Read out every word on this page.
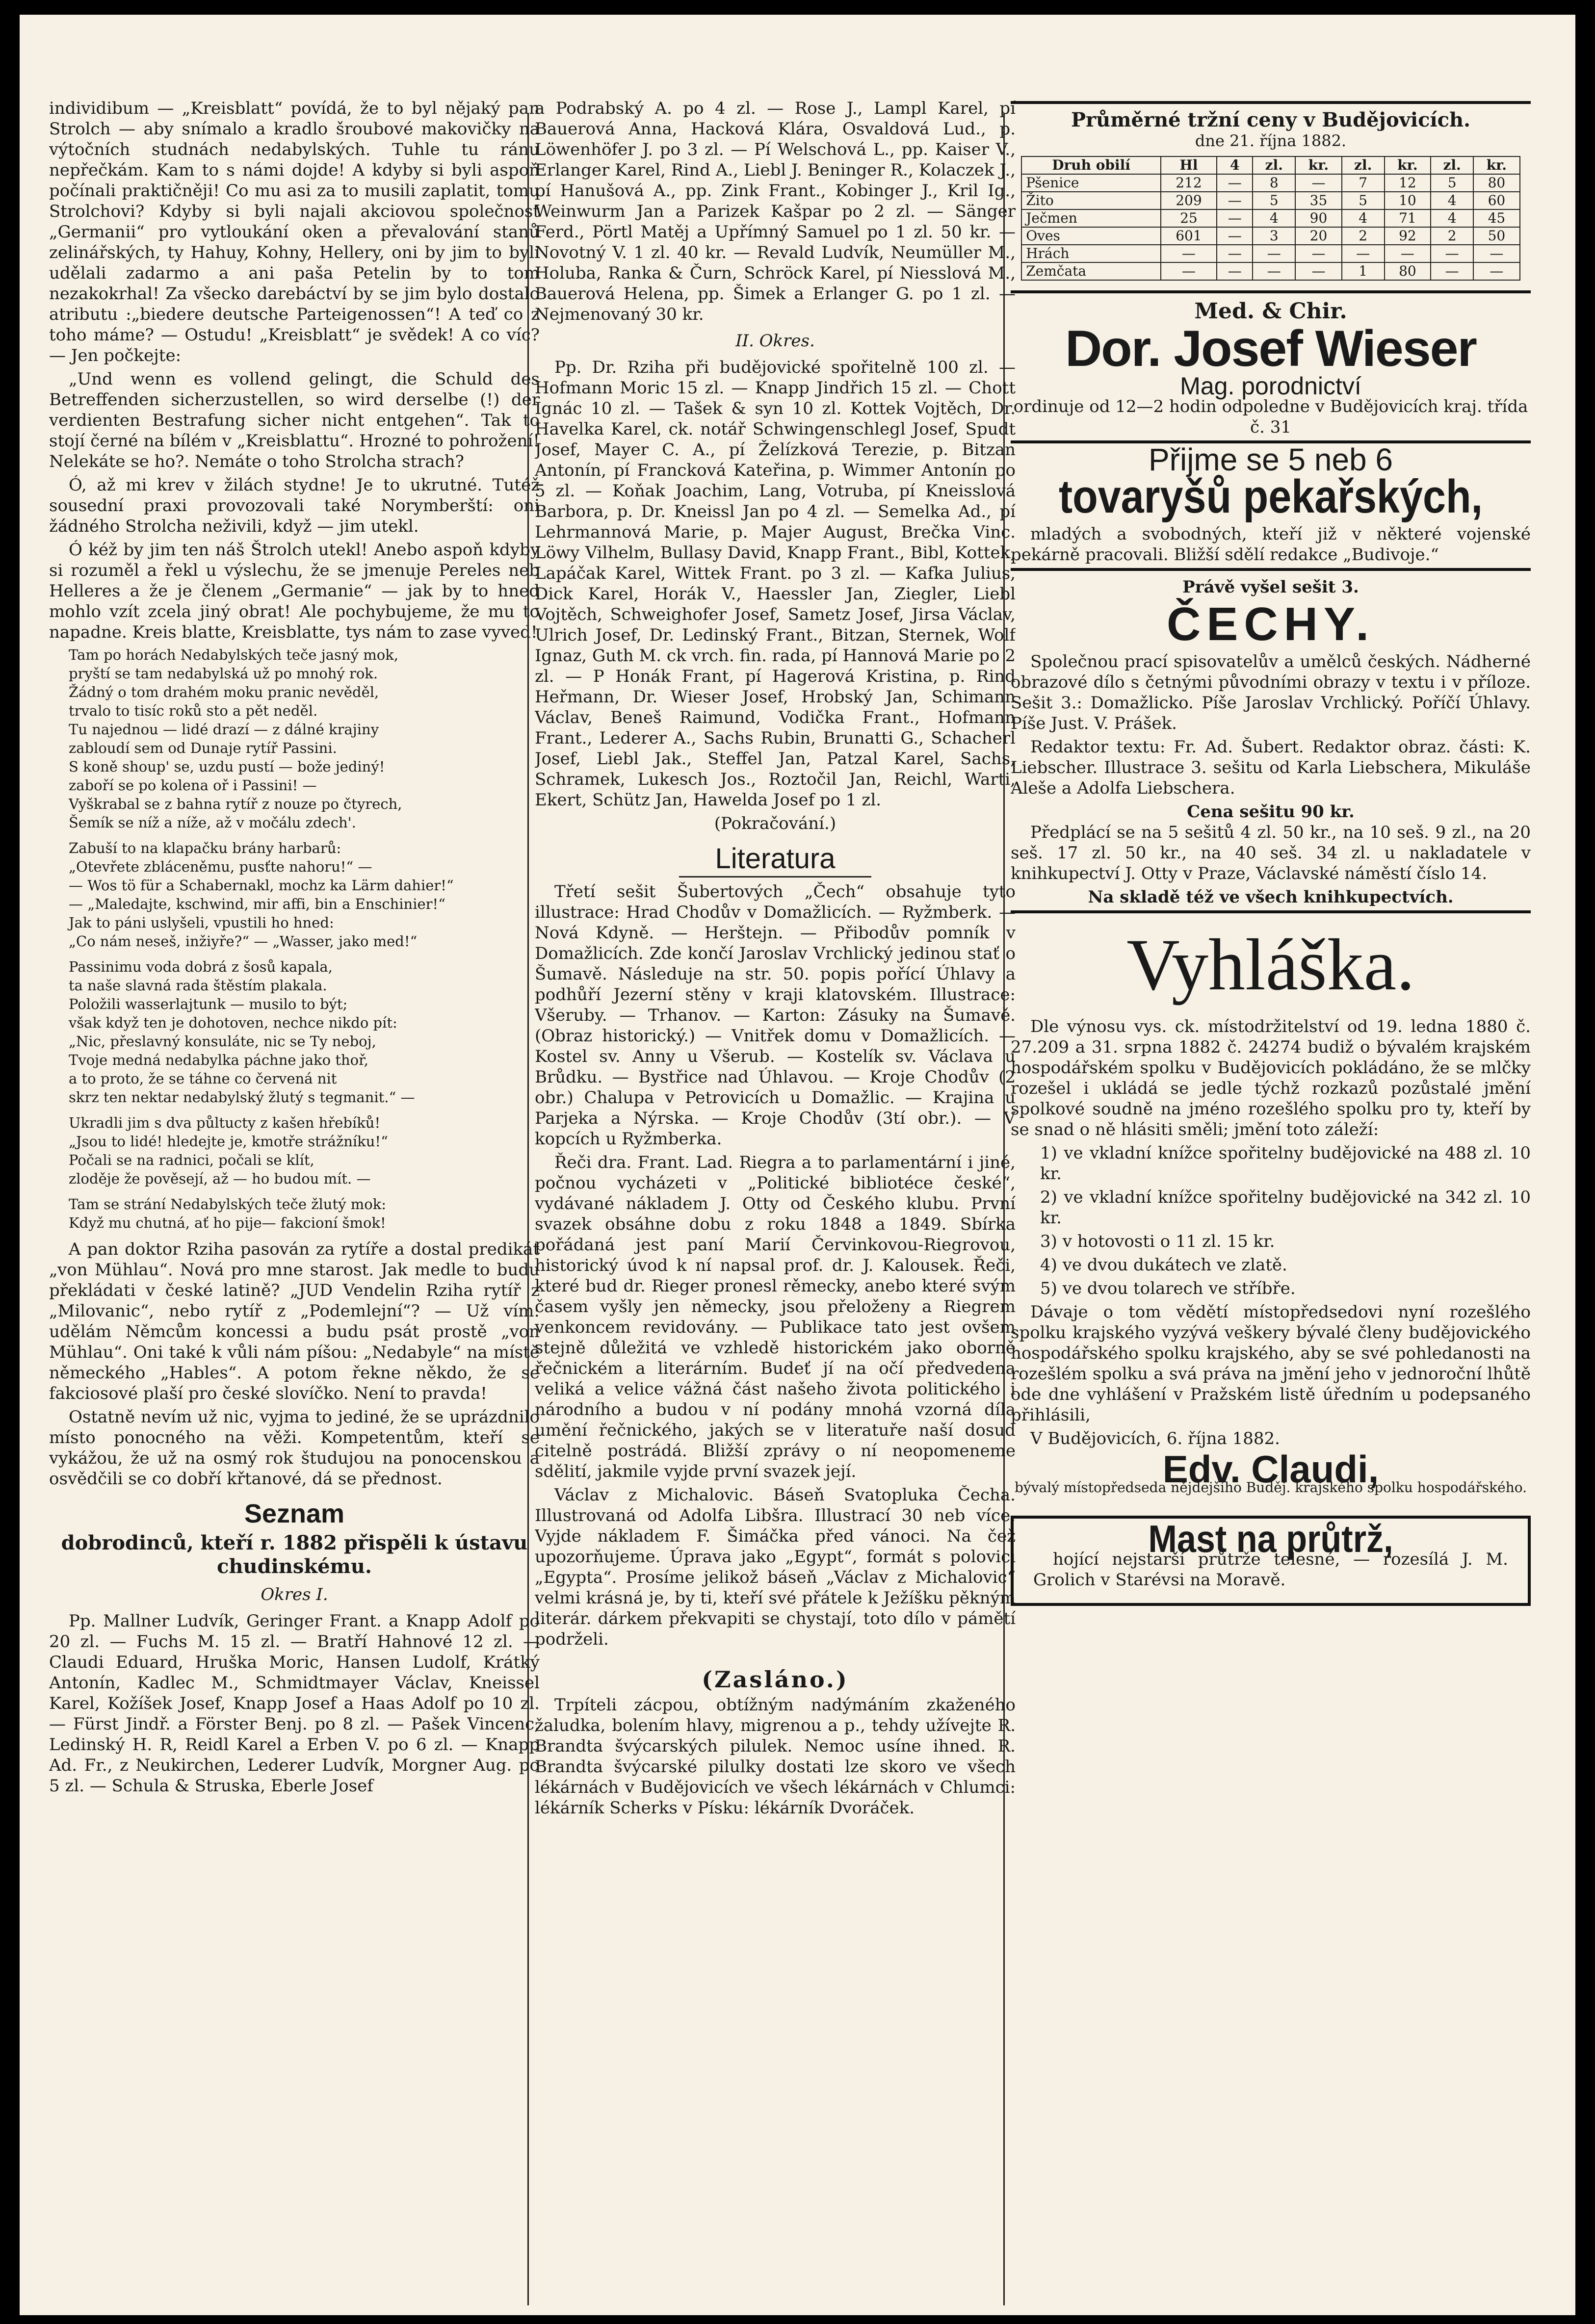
individibum — „Kreisblatt“ povídá, že to byl nějaký pan Strolch — aby snímalo a kradlo šroubové makovičky na výtočních studnách nedabylských. Tuhle tu ránu nepřečkám. Kam to s námi dojde! A kdyby si byli aspoň počínali praktičněji! Co mu asi za to musili zaplatit, tomu Strolchovi? Kdyby si byli najali akciovou společnost „Germanii“ pro vytloukání oken a převalování stanů zelinářských, ty Hahuy, Kohny, Hellery, oni by jim to byli udělali zadarmo a ani paša Petelin by to tom nezakokrhal! Za všecko darebáctví by se jim bylo dostalo atributu :„biedere deutsche Parteigenossen“! A teď co z toho máme? — Ostudu! „Kreisblatt“ je svědek! A co víc? — Jen počkejte:

„Und wenn es vollend gelingt, die Schuld des Betreffenden sicherzustellen, so wird derselbe (!) der verdienten Bestrafung sicher nicht entgehen“. Tak to stojí černé na bílém v „Kreisblattu“. Hrozné to pohrožení! Nelekáte se ho?. Nemáte o toho Strolcha strach?

Ó, až mi krev v žilách stydne! Je to ukrutné. Tutéž sousední praxi provozovali také Norymberští: oni žádného Strolcha neživili, když — jim utekl.

Ó kéž by jim ten náš Štrolch utekl! Anebo aspoň kdyby si rozuměl a řekl u výslechu, že se jmenuje Pereles neb Helleres a že je členem „Germanie“ — jak by to hned mohlo vzít zcela jiný obrat! Ale pochybujeme, že mu to napadne. Kreis blatte, Kreisblatte, tys nám to zase vyved!

Tam po horách Nedabylských teče jasný mok,
pryští se tam nedabylská už po mnohý rok.
Žádný o tom drahém moku pranic nevěděl,
trvalo to tisíc roků sto a pět neděl.
Tu najednou — lidé drazí — z dálné krajiny
zabloudí sem od Dunaje rytíř Passini.
S koně shoup' se, uzdu pustí — bože jediný!
zaboří se po kolena oř i Passini! —
Vyškrabal se z bahna rytíř z nouze po čtyrech,
Šemík se níž a níže, až v močálu zdech'.
Zabuší to na klapačku brány harbarů:
„Otevřete zbláceněmu, pusťte nahoru!“ —
— Wos tö für a Schabernakl, mochz ka Lärm dahier!“
— „Maledajte, kschwind, mir affi, bin a Enschinier!“
Jak to páni uslyšeli, vpustili ho hned:
„Co nám neseš, inžiyře?“ — „Wasser, jako med!“
Passinimu voda dobrá z šosů kapala,
ta naše slavná rada štěstím plakala.
Položili wasserlajtunk — musilo to být;
však když ten je dohotoven, nechce nikdo pít:
„Nic, přeslavný konsuláte, nic se Ty neboj,
Tvoje medná nedabylka páchne jako thoř,
a to proto, že se táhne co červená nit
skrz ten nektar nedabylský žlutý s tegmanit.“ —
Ukradli jim s dva půltucty z kašen hřebíků!
„Jsou to lidé! hledejte je, kmotře strážníku!“
Počali se na radnici, počali se klít,
zloděje že pověsejí, až — ho budou mít. —
Tam se strání Nedabylských teče žlutý mok:
Když mu chutná, ať ho pije— fakcioní šmok!

A pan doktor Rziha pasován za rytíře a dostal predikát „von Mühlau“. Nová pro mne starost. Jak medle to budu překládati v české latině? „JUD Vendelin Rziha rytíř z „Milovanic“, nebo rytíř z „Podemlejní“? — Už vím: udělám Němcům koncessi a budu psát prostě „von Mühlau“. Oni také k vůli nám píšou: „Nedabyle“ na místě německého „Hables“. A potom řekne někdo, že se fakciosové plaší pro české slovíčko. Není to pravda!

Ostatně nevím už nic, vyjma to jediné, že se uprázdnilo místo ponocného na věži. Kompetentům, kteří se vykážou, že už na osmý rok študujou na ponocenskou a osvědčili se co dobří křtanové, dá se přednost.

Seznam
dobrodinců, kteří r. 1882 přispěli k ústavu chudinskému.
Okres I.

Pp. Mallner Ludvík, Geringer Frant. a Knapp Adolf po 20 zl. — Fuchs M. 15 zl. — Bratří Hahnové 12 zl. — Claudi Eduard, Hruška Moric, Hansen Ludolf, Krátký Antonín, Kadlec M., Schmidtmayer Václav, Kneissel Karel, Kožíšek Josef, Knapp Josef a Haas Adolf po 10 zl. — Fürst Jindř. a Förster Benj. po 8 zl. — Pašek Vincenc, Ledinský H. R, Reidl Karel a Erben V. po 6 zl. — Knapp Ad. Fr., z Neukirchen, Lederer Ludvík, Morgner Aug. po 5 zl. — Schula & Struska, Eberle Josef

a Podrabský A. po 4 zl. — Rose J., Lampl Karel, pí Bauerová Anna, Hacková Klára, Osvaldová Lud., p. Löwenhöfer J. po 3 zl. — Pí Welschová L., pp. Kaiser V., Erlanger Karel, Rind A., Liebl J. Beninger R., Kolaczek J., pí Hanušová A., pp. Zink Frant., Kobinger J., Kril Ig., Weinwurm Jan a Parizek Kašpar po 2 zl. — Sänger Ferd., Pörtl Matěj a Upřímný Samuel po 1 zl. 50 kr. — Novotný V. 1 zl. 40 kr. — Revald Ludvík, Neumüller M., Holuba, Ranka & Čurn, Schröck Karel, pí Niesslová M., Bauerová Helena, pp. Šimek a Erlanger G. po 1 zl. — Nejmenovaný 30 kr.

II. Okres.

Pp. Dr. Rziha při budějovické spořitelně 100 zl. — Hofmann Moric 15 zl. — Knapp Jindřich 15 zl. — Chott Ignác 10 zl. — Tašek & syn 10 zl. Kottek Vojtěch, Dr. Havelka Karel, ck. notář Schwingenschlegl Josef, Spudt Josef, Mayer C. A., pí Želízková Terezie, p. Bitzan Antonín, pí Francková Kateřina, p. Wimmer Antonín po 5 zl. — Koňak Joachim, Lang, Votruba, pí Kneisslová Barbora, p. Dr. Kneissl Jan po 4 zl. — Semelka Ad., pí Lehrmannová Marie, p. Majer August, Brečka Vinc. Löwy Vilhelm, Bullasy David, Knapp Frant., Bibl, Kottek, Lapáčak Karel, Wittek Frant. po 3 zl. — Kafka Julius, Dick Karel, Horák V., Haessler Jan, Ziegler, Liebl Vojtěch, Schweighofer Josef, Sametz Josef, Jirsa Václav, Ulrich Josef, Dr. Ledinský Frant., Bitzan, Sternek, Wolf Ignaz, Guth M. ck vrch. fin. rada, pí Hannová Marie po 2 zl. — P Honák Frant, pí Hagerová Kristina, p. Rind Heřmann, Dr. Wieser Josef, Hrobský Jan, Schimann Václav, Beneš Raimund, Vodička Frant., Hofmann Frant., Lederer A., Sachs Rubin, Brunatti G., Schacherl Josef, Liebl Jak., Steffel Jan, Patzal Karel, Sachs, Schramek, Lukesch Jos., Roztočil Jan, Reichl, Warti, Ekert, Schütz Jan, Hawelda Josef po 1 zl.

(Pokračování.)
Literatura

Třetí sešit Šubertových „Čech“ obsahuje tyto illustrace: Hrad Chodův v Domažlicích. — Ryžmberk. — Nová Kdyně. — Herštejn. — Přibodův pomník v Domažlicích. Zde končí Jaroslav Vrchlický jedinou stať o Šumavě. Následuje na str. 50. popis pořící Úhlavy a podhůří Jezerní stěny v kraji klatovském. Illustrace: Všeruby. — Trhanov. — Karton: Zásuky na Šumavě. (Obraz historický.) — Vnitřek domu v Domažlicích. — Kostel sv. Anny u Všerub. — Kostelík sv. Václava u Brůdku. — Bystřice nad Úhlavou. — Kroje Chodův (2 obr.) Chalupa v Petrovicích u Domažlic. — Krajina u Parjeka a Nýrska. — Kroje Chodův (3tí obr.). — V kopcích u Ryžmberka.

Řeči dra. Frant. Lad. Riegra a to parlamentární i jiné, počnou vycházeti v „Politické bibliotéce české“, vydávané nákladem J. Otty od Českého klubu. První svazek obsáhne dobu z roku 1848 a 1849. Sbírka pořádaná jest paní Marií Červinkovou-Riegrovou, historický úvod k ní napsal prof. dr. J. Kalousek. Řeči, které bud dr. Rieger pronesl rěmecky, anebo které svým časem vyšly jen německy, jsou přeloženy a Riegrem venkoncem revidovány. — Publikace tato jest ovšem stejně důležitá ve vzhledě historickém jako oborně řečnickém a literárním. Budeť jí na očí předvedena veliká a velice vážná část našeho života politického i národního a budou v ní podány mnohá vzorná díla umění řečnického, jakých se v literatuře naší dosud citelně postrádá. Bližší zprávy o ní neopomeneme sdělití, jakmile vyjde první svazek její.

Václav z Michalovic. Báseň Svatopluka Čecha. Illustrovaná od Adolfa Libšra. Illustrací 30 neb více. Vyjde nákladem F. Šimáčka před vánoci. Na čež upozorňujeme. Úprava jako „Egypt“, formát s polovici „Egypta“. Prosíme jelikož báseň „Václav z Michalovic“ velmi krásná je, by ti, kteří své přátele k Ježíšku pěkným literár. dárkem překvapiti se chystají, toto dílo v pámětí podrželi.

(Zasláno.)

Trpíteli zácpou, obtížným nadýmáním zkaženého žaludka, bolením hlavy, migrenou a p., tehdy užívejte R. Brandta švýcarských pilulek. Nemoc usíne ihned. R. Brandta švýcarské pilulky dostati lze skoro ve všech lékárnách v Budějovicích ve všech lékárnách v Chlumci: lékárník Scherks v Písku: lékárník Dvoráček.

Průměrné tržní ceny v Budějovicích.
dne 21. října 1882.
Druh obilí	Hl	4	zl.	kr.	zl.	kr.	zl.	kr.
Pšenice	212	—	8	—	7	12	5	80
Žito	209	—	5	35	5	10	4	60
Ječmen	25	—	4	90	4	71	4	45
Oves	601	—	3	20	2	92	2	50
Hrách	—	—	—	—	—	—	—	—
Zemčata	—	—	—	—	1	80	—	—
Med. & Chir.
Dor. Josef Wieser
Mag. porodnictví
ordinuje od 12—2 hodin odpoledne v Budějovicích kraj. třída č. 31
Přijme se 5 neb 6
tovaryšů pekařských,

mladých a svobodných, kteří již v některé vojenské pekárně pracovali. Bližší sdělí redakce „Budivoje.“

Právě vyšel sešit 3.
ČECHY.

Společnou prací spisovatelův a umělců českých. Nádherné obrazové dílo s četnými původními obrazy v textu i v příloze. Sešit 3.: Domažlicko. Píše Jaroslav Vrchlický. Poříčí Úhlavy. Píše Just. V. Prášek.

Redaktor textu: Fr. Ad. Šubert. Redaktor obraz. části: K. Liebscher. Illustrace 3. sešitu od Karla Liebschera, Mikuláše Aleše a Adolfa Liebschera.

Cena sešitu 90 kr.

Předplácí se na 5 sešitů 4 zl. 50 kr., na 10 seš. 9 zl., na 20 seš. 17 zl. 50 kr., na 40 seš. 34 zl. u nakladatele v knihkupectví J. Otty v Praze, Václavské náměstí číslo 14.

Na skladě též ve všech knihkupectvích.
Vyhláška.

Dle výnosu vys. ck. místodržitelství od 19. ledna 1880 č. 27.209 a 31. srpna 1882 č. 24274 budiž o bývalém krajském hospodářském spolku v Budějovicích pokládáno, že se mlčky rozešel i ukládá se jedle týchž rozkazů pozůstalé jmění spolkové soudně na jméno rozešlého spolku pro ty, kteří by se snad o ně hlásiti směli; jmění toto záleží:

1) ve vkladní knížce spořitelny budějovické na 488 zl. 10 kr.

2) ve vkladní knížce spořitelny budějovické na 342 zl. 10 kr.

3) v hotovosti o 11 zl. 15 kr.

4) ve dvou dukátech ve zlatě.

5) ve dvou tolarech ve stříbře.

Dávaje o tom vědětí místopředsedovi nyní rozešlého spolku krajského vyzývá veškery bývalé členy budějovického hospodářského spolku krajského, aby se své pohledanosti na rozešlém spolku a svá práva na jmění jeho v jednoroční lhůtě ode dne vyhlášení v Pražském listě úředním u podepsaného přihlásili,

V Budějovicích, 6. října 1882.

Edv. Claudi,
bývalý místopředseda nějdejšího Buděj. krajského spolku hospodářského.
Mast na průtrž,

hojící nejstarší průtrže telesné, — rozesílá J. M. Grolich v Starévsi na Moravě.
